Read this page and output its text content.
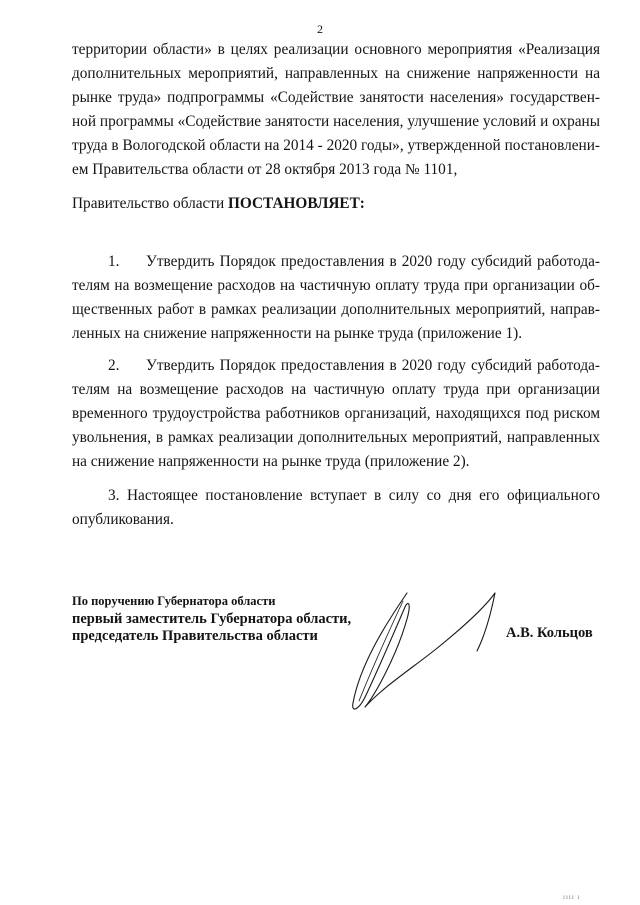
2
территории области» в целях реализации основного мероприятия «Реализация
дополнительных мероприятий, направленных на снижение напряженности на
рынке труда» подпрограммы «Содействие занятости населения» государствен-
ной программы «Содействие занятости населения, улучшение условий и охраны
труда в Вологодской области на 2014 - 2020 годы», утвержденной постановлени-
ем Правительства области от 28 октября 2013 года № 1101,
Правительство области ПОСТАНОВЛЯЕТ:
1. Утвердить Порядок предоставления в 2020 году субсидий работода-
телям на возмещение расходов на частичную оплату труда при организации об-
щественных работ в рамках реализации дополнительных мероприятий, направ-
ленных на снижение напряженности на рынке труда (приложение 1).
2. Утвердить Порядок предоставления в 2020 году субсидий работода-
телям на возмещение расходов на частичную оплату труда при организации
временного трудоустройства работников организаций, находящихся под риском
увольнения, в рамках реализации дополнительных мероприятий, направленных
на снижение напряженности на рынке труда (приложение 2).
3. Настоящее постановление вступает в силу со дня его официального
опубликования.
По поручению Губернатора области
первый заместитель Губернатора области,
председатель Правительства области	А.В. Кольцов
ıııı ı
